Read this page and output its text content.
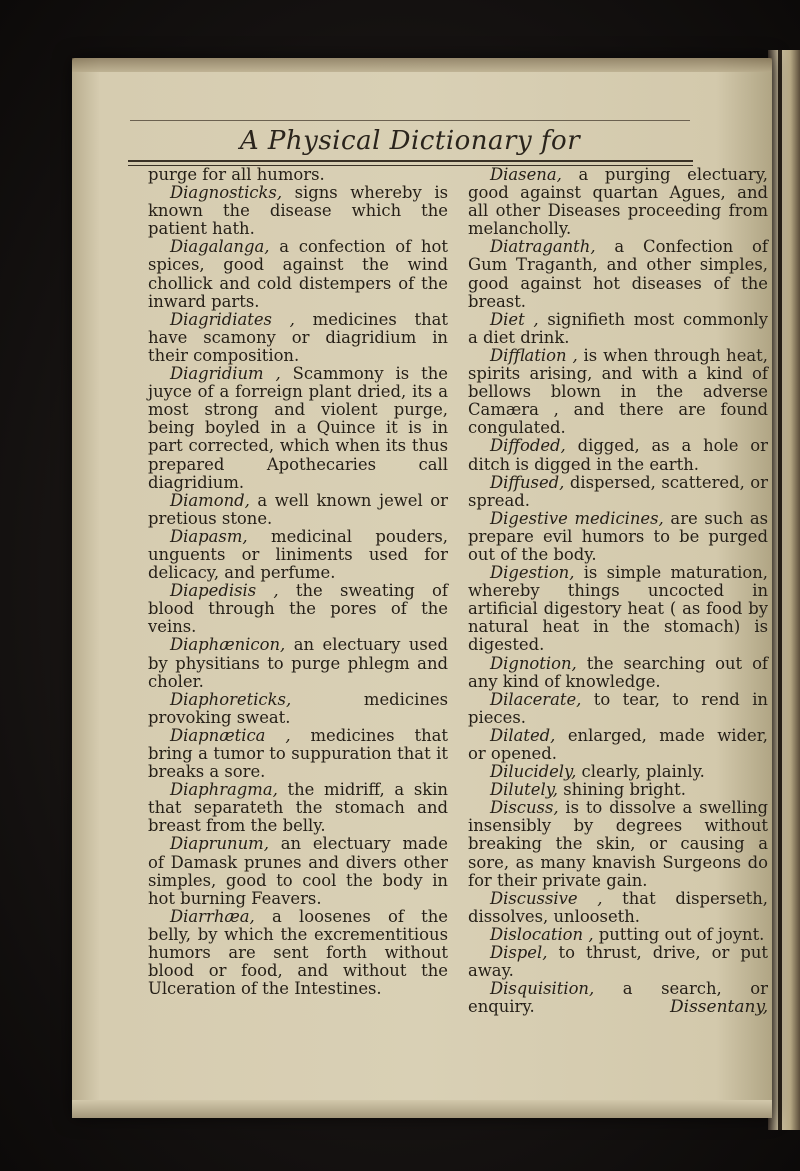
A Physical Dictionary for

purge for all humors.

Diagnosticks, signs whereby is known the disease which the patient hath.

Diagalanga, a confection of hot spices, good against the wind chollick and cold distempers of the inward parts.

Diagridiates , medicines that have scamony or diagridium in their composition.

Diagridium , Scammony is the juyce of a forreign plant dried, its a most strong and violent purge, being boyled in a Quince it is in part corrected, which when its thus prepared Apothecaries call diagridium.

Diamond, a well known jewel or pretious stone.

Diapasm, medicinal pouders, unguents or liniments used for delicacy, and perfume.

Diapedisis , the sweating of blood through the pores of the veins.

Diaphænicon, an electuary used by physitians to purge phlegm and choler.

Diaphoreticks, medicines provoking sweat.

Diapnætica , medicines that bring a tumor to suppuration that it breaks a sore.

Diaphragma, the midriff, a skin that separateth the stomach and breast from the belly.

Diaprunum, an electuary made of Damask prunes and divers other simples, good to cool the body in hot burning Feavers.

Diarrhæa, a loosenes of the belly, by which the excrementitious humors are sent forth without blood or food, and without the Ulceration of the Intestines.

Diasena, a purging electuary, good against quartan Agues, and all other Diseases proceeding from melancholly.

Diatraganth, a Confection of Gum Traganth, and other simples, good against hot diseases of the breast.

Diet , signifieth most commonly a diet drink.

Difflation , is when through heat, spirits arising, and with a kind of bellows blown in the adverse Camæra , and there are found congulated.

Diffoded, digged, as a hole or ditch is digged in the earth.

Diffused, dispersed, scattered, or spread.

Digestive medicines, are such as prepare evil humors to be purged out of the body.

Digestion, is simple maturation, whereby things uncocted in artificial digestory heat ( as food by natural heat in the stomach) is digested.

Dignotion, the searching out of any kind of knowledge.

Dilacerate, to tear, to rend in pieces.

Dilated, enlarged, made wider, or opened.

Dilucidely, clearly, plainly.

Dilutely, shining bright.

Discuss, is to dissolve a swelling insensibly by degrees without breaking the skin, or causing a sore, as many knavish Surgeons do for their private gain.

Discussive , that disperseth, dissolves, unlooseth.

Dislocation , putting out of joynt.

Dispel, to thrust, drive, or put away.

Disquisition, a search, or enquiry.	Dissentany,
